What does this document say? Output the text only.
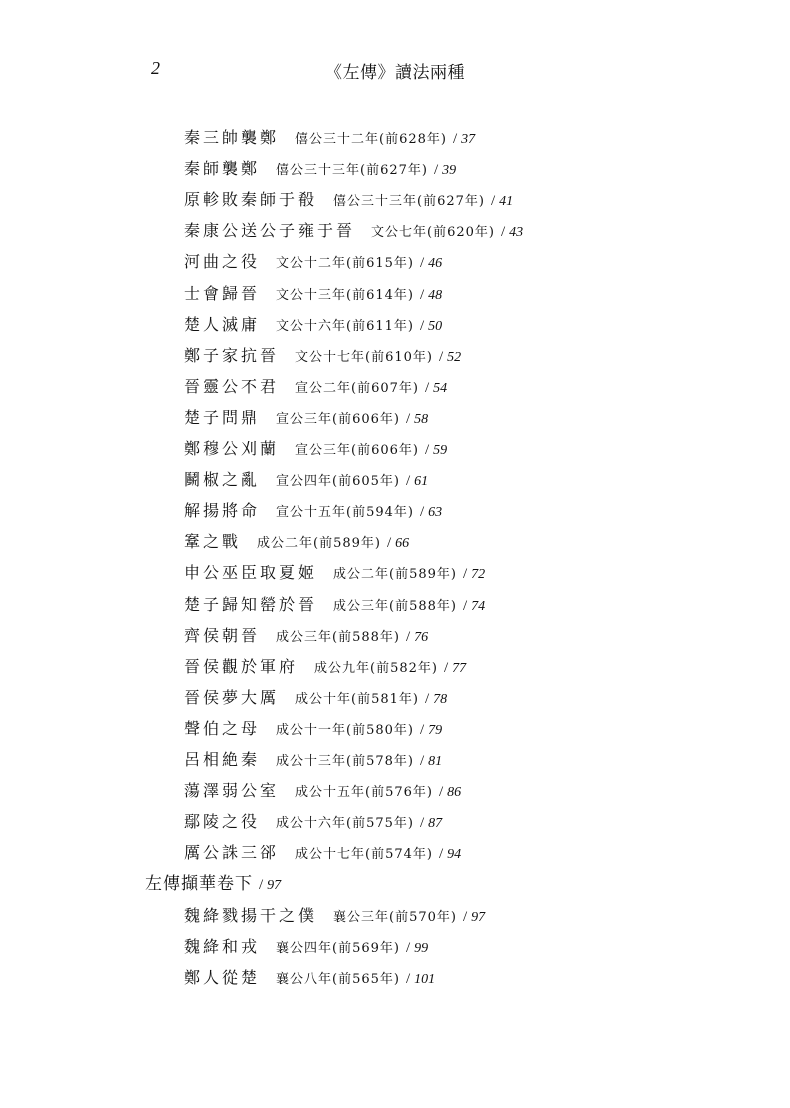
2	《左傳》讀法兩種
秦三帥襲鄭 僖公三十二年(前628年) / 37
秦師襲鄭 僖公三十三年(前627年) / 39
原軫敗秦師于殽 僖公三十三年(前627年) / 41
秦康公送公子雍于晉 文公七年(前620年) / 43
河曲之役 文公十二年(前615年) / 46
士會歸晉 文公十三年(前614年) / 48
楚人滅庸 文公十六年(前611年) / 50
鄭子家抗晉 文公十七年(前610年) / 52
晉靈公不君 宣公二年(前607年) / 54
楚子問鼎 宣公三年(前606年) / 58
鄭穆公刈蘭 宣公三年(前606年) / 59
鬭椒之亂 宣公四年(前605年) / 61
解揚將命 宣公十五年(前594年) / 63
鞌之戰 成公二年(前589年) / 66
申公巫臣取夏姬 成公二年(前589年) / 72
楚子歸知罃於晉 成公三年(前588年) / 74
齊侯朝晉 成公三年(前588年) / 76
晉侯觀於軍府 成公九年(前582年) / 77
晉侯夢大厲 成公十年(前581年) / 78
聲伯之母 成公十一年(前580年) / 79
呂相絶秦 成公十三年(前578年) / 81
蕩澤弱公室 成公十五年(前576年) / 86
鄢陵之役 成公十六年(前575年) / 87
厲公誅三郤 成公十七年(前574年) / 94
左傳擷華卷下 / 97
魏絳戮揚干之僕 襄公三年(前570年) / 97
魏絳和戎 襄公四年(前569年) / 99
鄭人從楚 襄公八年(前565年) / 101
